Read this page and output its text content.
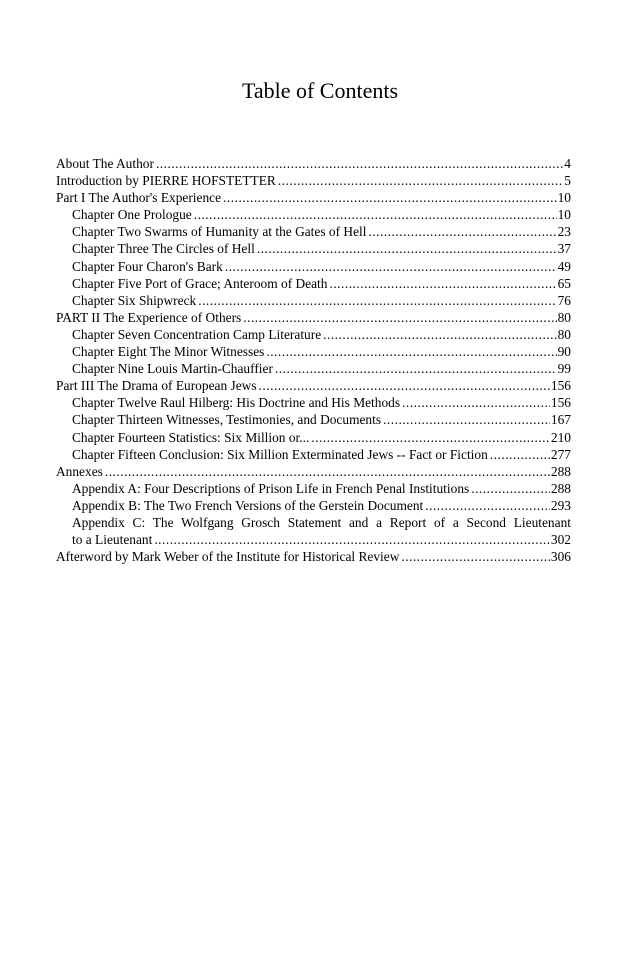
Table of Contents
About The Author .....	4
Introduction by PIERRE HOFSTETTER .....	5
Part I The Author's Experience .....	10
Chapter One Prologue .....	10
Chapter Two Swarms of Humanity at the Gates of Hell .....	23
Chapter Three The Circles of Hell .....	37
Chapter Four Charon's Bark .....	49
Chapter Five Port of Grace; Anteroom of Death .....	65
Chapter Six Shipwreck .....	76
PART II The Experience of Others .....	80
Chapter Seven Concentration Camp Literature .....	80
Chapter Eight The Minor Witnesses .....	90
Chapter Nine Louis Martin-Chauffier .....	99
Part III The Drama of European Jews .....	156
Chapter Twelve Raul Hilberg: His Doctrine and His Methods .....	156
Chapter Thirteen Witnesses, Testimonies, and Documents .....	167
Chapter Fourteen Statistics: Six Million or... .....	210
Chapter Fifteen Conclusion: Six Million Exterminated Jews -- Fact or Fiction .....	277
Annexes .....	288
Appendix A: Four Descriptions of Prison Life in French Penal Institutions .....	288
Appendix B: The Two French Versions of the Gerstein Document .....	293
Appendix C: The Wolfgang Grosch Statement and a Report of a Second Lieutenant
to a Lieutenant .....	302
Afterword by Mark Weber of the Institute for Historical Review .....	306
